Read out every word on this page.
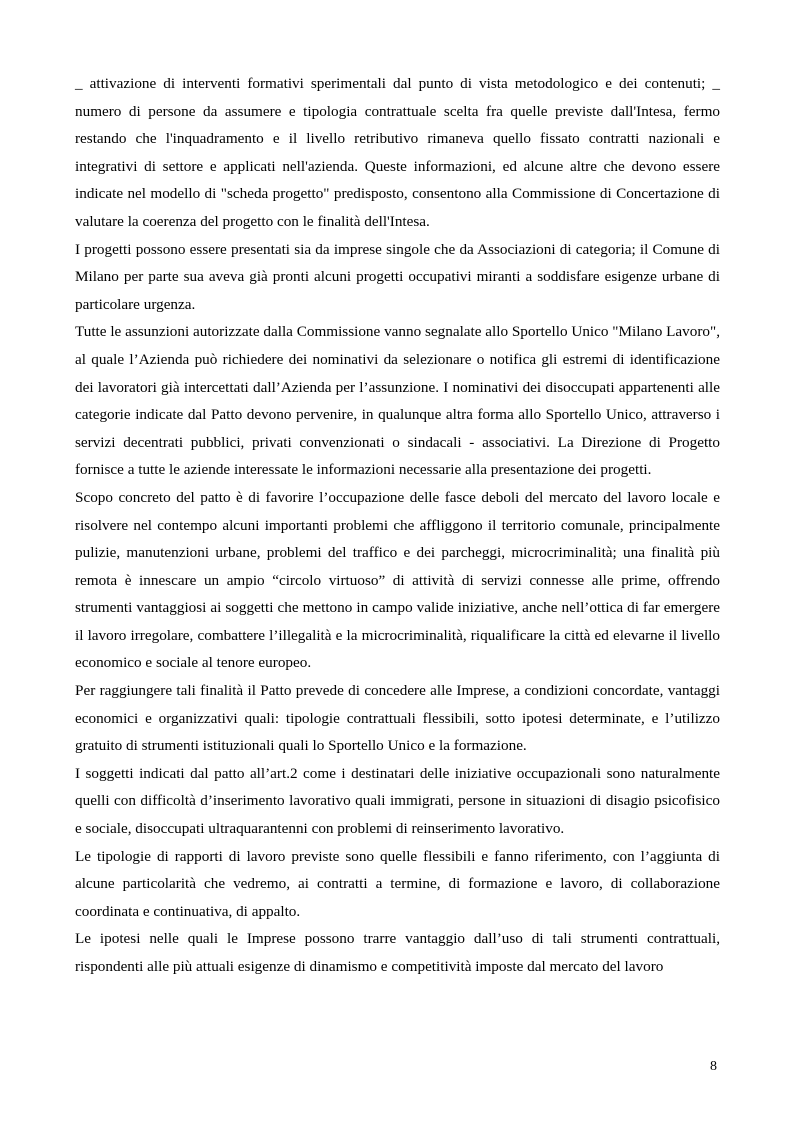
_ attivazione di interventi formativi sperimentali dal punto di vista metodologico e dei contenuti; _ numero di persone da assumere e tipologia contrattuale scelta fra quelle previste dall'Intesa, fermo restando che l'inquadramento e il livello retributivo rimaneva quello fissato contratti nazionali e integrativi di settore e applicati nell'azienda. Queste informazioni, ed alcune altre che devono essere indicate nel modello di "scheda progetto" predisposto, consentono alla Commissione di Concertazione di valutare la coerenza del progetto con le finalità dell'Intesa.

I progetti possono essere presentati sia da imprese singole che da Associazioni di categoria; il Comune di Milano per parte sua aveva già pronti alcuni progetti occupativi miranti a soddisfare esigenze urbane di particolare urgenza.

Tutte le assunzioni autorizzate dalla Commissione vanno segnalate allo Sportello Unico "Milano Lavoro", al quale l’Azienda può richiedere dei nominativi da selezionare o notifica gli estremi di identificazione dei lavoratori già intercettati dall’Azienda per l’assunzione. I nominativi dei disoccupati appartenenti alle categorie indicate dal Patto devono pervenire, in qualunque altra forma allo Sportello Unico, attraverso i servizi decentrati pubblici, privati convenzionati o sindacali - associativi. La Direzione di Progetto fornisce a tutte le aziende interessate le informazioni necessarie alla presentazione dei progetti.

Scopo concreto del patto è di favorire l’occupazione delle fasce deboli del mercato del lavoro locale e risolvere nel contempo alcuni importanti problemi che affliggono il territorio comunale, principalmente pulizie, manutenzioni urbane, problemi del traffico e dei parcheggi, microcriminalità; una finalità più remota è innescare un ampio “circolo virtuoso” di attività di servizi connesse alle prime, offrendo strumenti vantaggiosi ai soggetti che mettono in campo valide iniziative, anche nell’ottica di far emergere il lavoro irregolare, combattere l’illegalità e la microcriminalità, riqualificare la città ed elevarne il livello economico e sociale al tenore europeo.

Per raggiungere tali finalità il Patto prevede di concedere alle Imprese, a condizioni concordate, vantaggi economici e organizzativi quali: tipologie contrattuali flessibili, sotto ipotesi determinate, e l’utilizzo gratuito di strumenti istituzionali quali lo Sportello Unico e la formazione.

I soggetti indicati dal patto all’art.2 come i destinatari delle iniziative occupazionali sono naturalmente quelli con difficoltà d’inserimento lavorativo quali immigrati, persone in situazioni di disagio psicofisico e sociale, disoccupati ultraquarantenni con problemi di reinserimento lavorativo.

Le tipologie di rapporti di lavoro previste sono quelle flessibili e fanno riferimento, con l’aggiunta di alcune particolarità che vedremo, ai contratti a termine, di formazione e lavoro, di collaborazione coordinata e continuativa, di appalto.

Le ipotesi nelle quali le Imprese possono trarre vantaggio dall’uso di tali strumenti contrattuali, rispondenti alle più attuali esigenze di dinamismo e competitività imposte dal mercato del lavoro

8
